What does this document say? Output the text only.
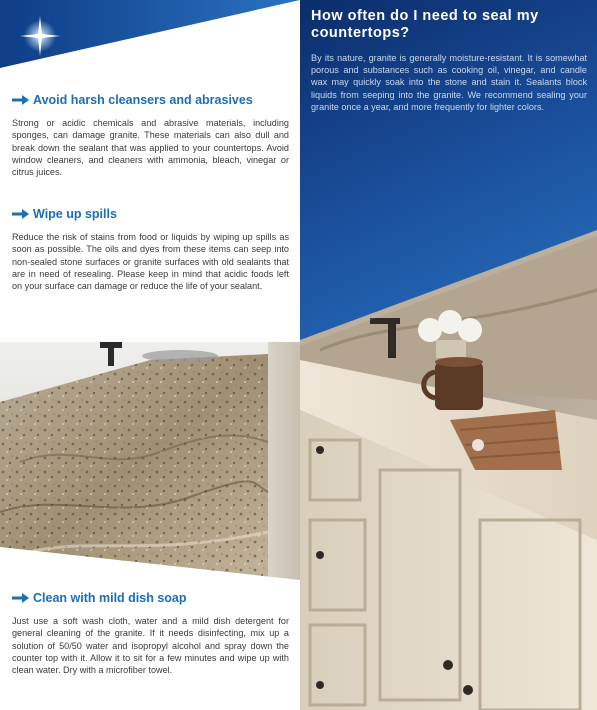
Avoid harsh cleansers and abrasives

Strong or acidic chemicals and abrasive materials, including sponges, can damage granite. These materials can also dull and break down the sealant that was applied to your countertops. Avoid window cleaners, and cleaners with ammonia, bleach, vinegar or citrus juices.

Wipe up spills

Reduce the risk of stains from food or liquids by wiping up spills as soon as possible. The oils and dyes from these items can seep into non-sealed stone surfaces or granite surfaces with old sealants that are in need of resealing. Please keep in mind that acidic foods left on your surface can damage or reduce the life of your sealant.

Clean with mild dish soap

Just use a soft wash cloth, water and a mild dish detergent for general cleaning of the granite. If it needs disinfecting, mix up a solution of 50/50 water and isopropyl alcohol and spray down the counter top with it. Allow it to sit for a few minutes and wipe up with clean water. Dry with a microfiber towel.

How often do I need to seal my countertops?

By its nature, granite is generally moisture-resistant. It is somewhat porous and substances such as cooking oil, vinegar, and candle wax may quickly soak into the stone and stain it. Sealants block liquids from seeping into the granite. We recommend sealing your granite once a year, and more frequently for lighter colors.
